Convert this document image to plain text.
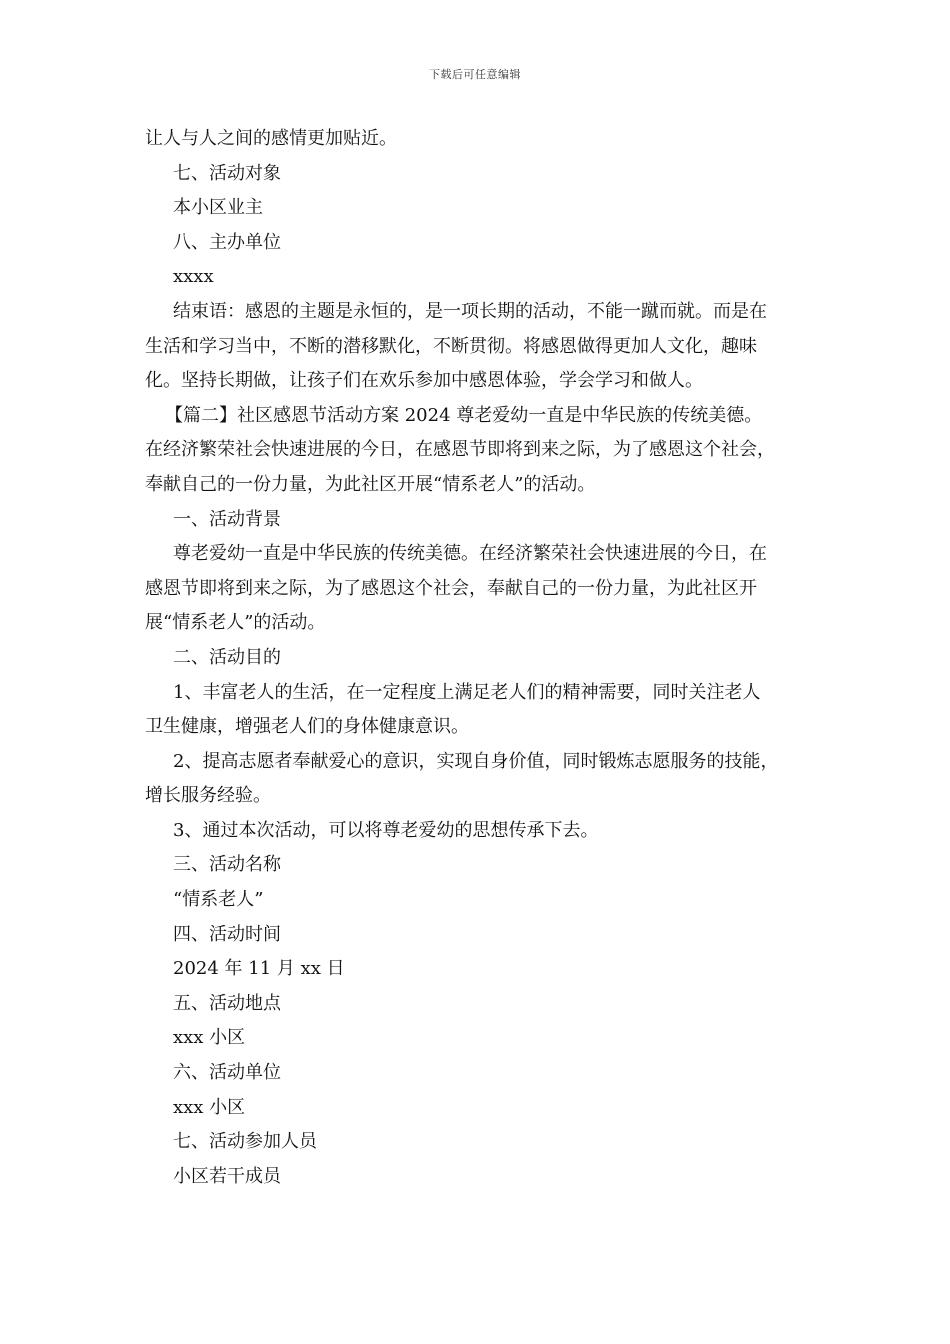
下载后可任意编辑
让人与人之间的感情更加贴近。
七、活动对象
本小区业主
八、主办单位
xxxx
结束语：感恩的主题是永恒的，是一项长期的活动，不能一蹴而就。而是在
生活和学习当中，不断的潜移默化，不断贯彻。将感恩做得更加人文化，趣味
化。坚持长期做，让孩子们在欢乐参加中感恩体验，学会学习和做人。
【篇二】社区感恩节活动方案 2024 尊老爱幼一直是中华民族的传统美德。
在经济繁荣社会快速进展的今日，在感恩节即将到来之际，为了感恩这个社会，
奉献自己的一份力量，为此社区开展“情系老人”的活动。
一、活动背景
尊老爱幼一直是中华民族的传统美德。在经济繁荣社会快速进展的今日，在
感恩节即将到来之际，为了感恩这个社会，奉献自己的一份力量，为此社区开
展“情系老人”的活动。
二、活动目的
1、丰富老人的生活，在一定程度上满足老人们的精神需要，同时关注老人
卫生健康，增强老人们的身体健康意识。
2、提高志愿者奉献爱心的意识，实现自身价值，同时锻炼志愿服务的技能，
增长服务经验。
3、通过本次活动，可以将尊老爱幼的思想传承下去。
三、活动名称
“情系老人”
四、活动时间
2024 年 11 月 xx 日
五、活动地点
xxx 小区
六、活动单位
xxx 小区
七、活动参加人员
小区若干成员
